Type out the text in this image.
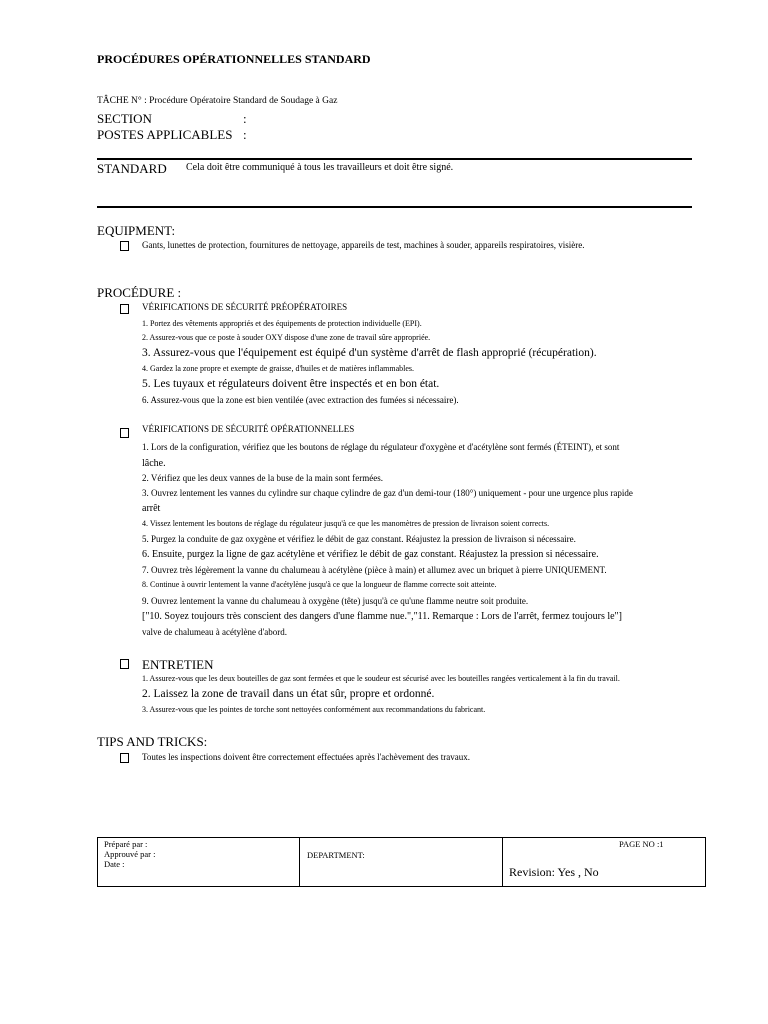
PROCÉDURES OPÉRATIONNELLES STANDARD
TÂCHE N° : Procédure Opératoire Standard de Soudage à Gaz
SECTION	:
POSTES APPLICABLES :
STANDARD Cela doit être communiqué à tous les travailleurs et doit être signé.
EQUIPMENT:
Gants, lunettes de protection, fournitures de nettoyage, appareils de test, machines à souder, appareils respiratoires, visière.
PROCÉDURE :
VÉRIFICATIONS DE SÉCURITÉ PRÉOPÉRATOIRES
1. Portez des vêtements appropriés et des équipements de protection individuelle (EPI).
2. Assurez-vous que ce poste à souder OXY dispose d'une zone de travail sûre appropriée.
3. Assurez-vous que l'équipement est équipé d'un système d'arrêt de flash approprié (récupération).
4. Gardez la zone propre et exempte de graisse, d'huiles et de matières inflammables.
5. Les tuyaux et régulateurs doivent être inspectés et en bon état.
6. Assurez-vous que la zone est bien ventilée (avec extraction des fumées si nécessaire).
VÉRIFICATIONS DE SÉCURITÉ OPÉRATIONNELLES
1. Lors de la configuration, vérifiez que les boutons de réglage du régulateur d'oxygène et d'acétylène sont fermés (ÉTEINT), et sont
lâche.
2. Vérifiez que les deux vannes de la buse de la main sont fermées.
3. Ouvrez lentement les vannes du cylindre sur chaque cylindre de gaz d'un demi-tour (180°) uniquement - pour une urgence plus rapide
arrêt
4. Vissez lentement les boutons de réglage du régulateur jusqu'à ce que les manomètres de pression de livraison soient corrects.
5. Purgez la conduite de gaz oxygène et vérifiez le débit de gaz constant. Réajustez la pression de livraison si nécessaire.
6. Ensuite, purgez la ligne de gaz acétylène et vérifiez le débit de gaz constant. Réajustez la pression si nécessaire.
7. Ouvrez très légèrement la vanne du chalumeau à acétylène (pièce à main) et allumez avec un briquet à pierre UNIQUEMENT.
8. Continue à ouvrir lentement la vanne d'acétylène jusqu'à ce que la longueur de flamme correcte soit atteinte.
9. Ouvrez lentement la vanne du chalumeau à oxygène (tête) jusqu'à ce qu'une flamme neutre soit produite.
["10. Soyez toujours très conscient des dangers d'une flamme nue.","11. Remarque : Lors de l'arrêt, fermez toujours le"]
valve de chalumeau à acétylène d'abord.
ENTRETIEN
1. Assurez-vous que les deux bouteilles de gaz sont fermées et que le soudeur est sécurisé avec les bouteilles rangées verticalement à la fin du travail.
2. Laissez la zone de travail dans un état sûr, propre et ordonné.
3. Assurez-vous que les pointes de torche sont nettoyées conformément aux recommandations du fabricant.
TIPS AND TRICKS:
Toutes les inspections doivent être correctement effectuées après l'achèvement des travaux.
Préparé par :
Approuvé par :
Date :

DEPARTMENT:

PAGE NO :1
Revision: Yes , No
